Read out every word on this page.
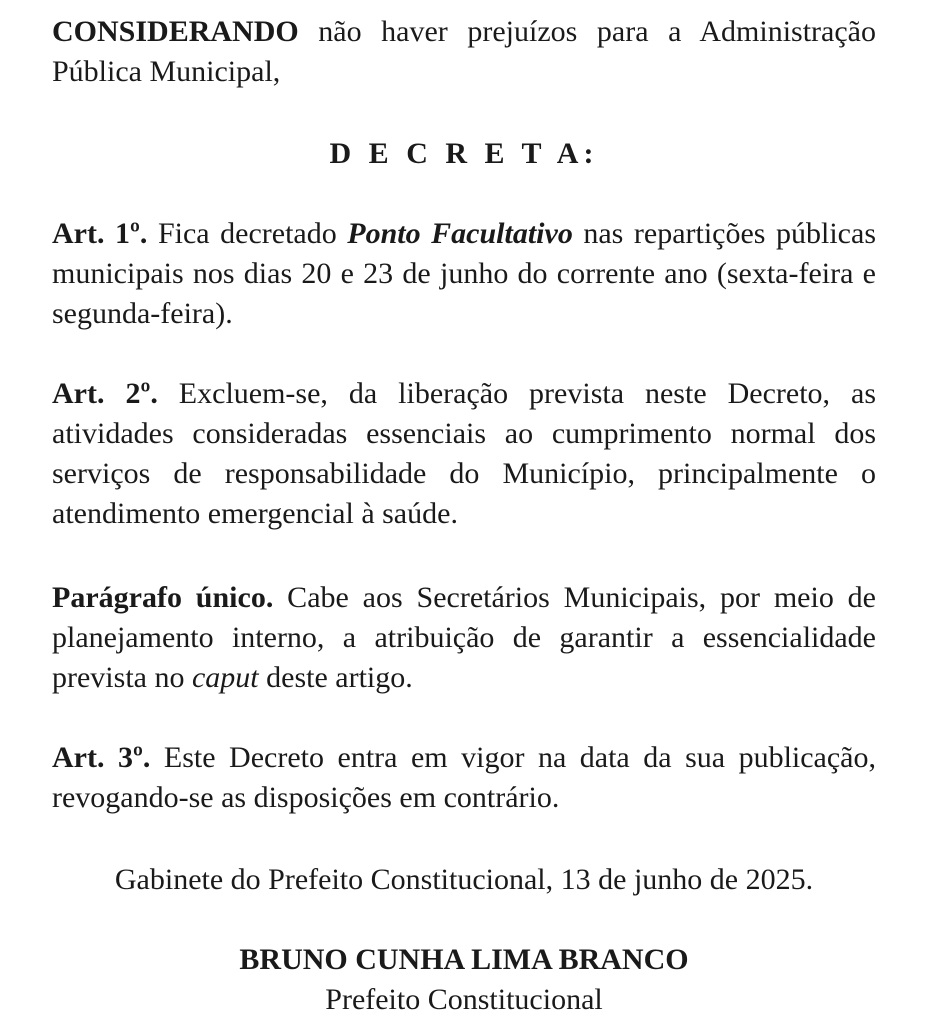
CONSIDERANDO não haver prejuízos para a Administração Pública Municipal,

D E C R E T A:

Art. 1º. Fica decretado Ponto Facultativo nas repartições públicas municipais nos dias 20 e 23 de junho do corrente ano (sexta-feira e segunda-feira).

Art. 2º. Excluem-se, da liberação prevista neste Decreto, as atividades consideradas essenciais ao cumprimento normal dos serviços de responsabilidade do Município, principalmente o atendimento emergencial à saúde.

Parágrafo único. Cabe aos Secretários Municipais, por meio de planejamento interno, a atribuição de garantir a essencialidade prevista no caput deste artigo.

Art. 3º. Este Decreto entra em vigor na data da sua publicação, revogando-se as disposições em contrário.

Gabinete do Prefeito Constitucional, 13 de junho de 2025.

BRUNO CUNHA LIMA BRANCO

Prefeito Constitucional
